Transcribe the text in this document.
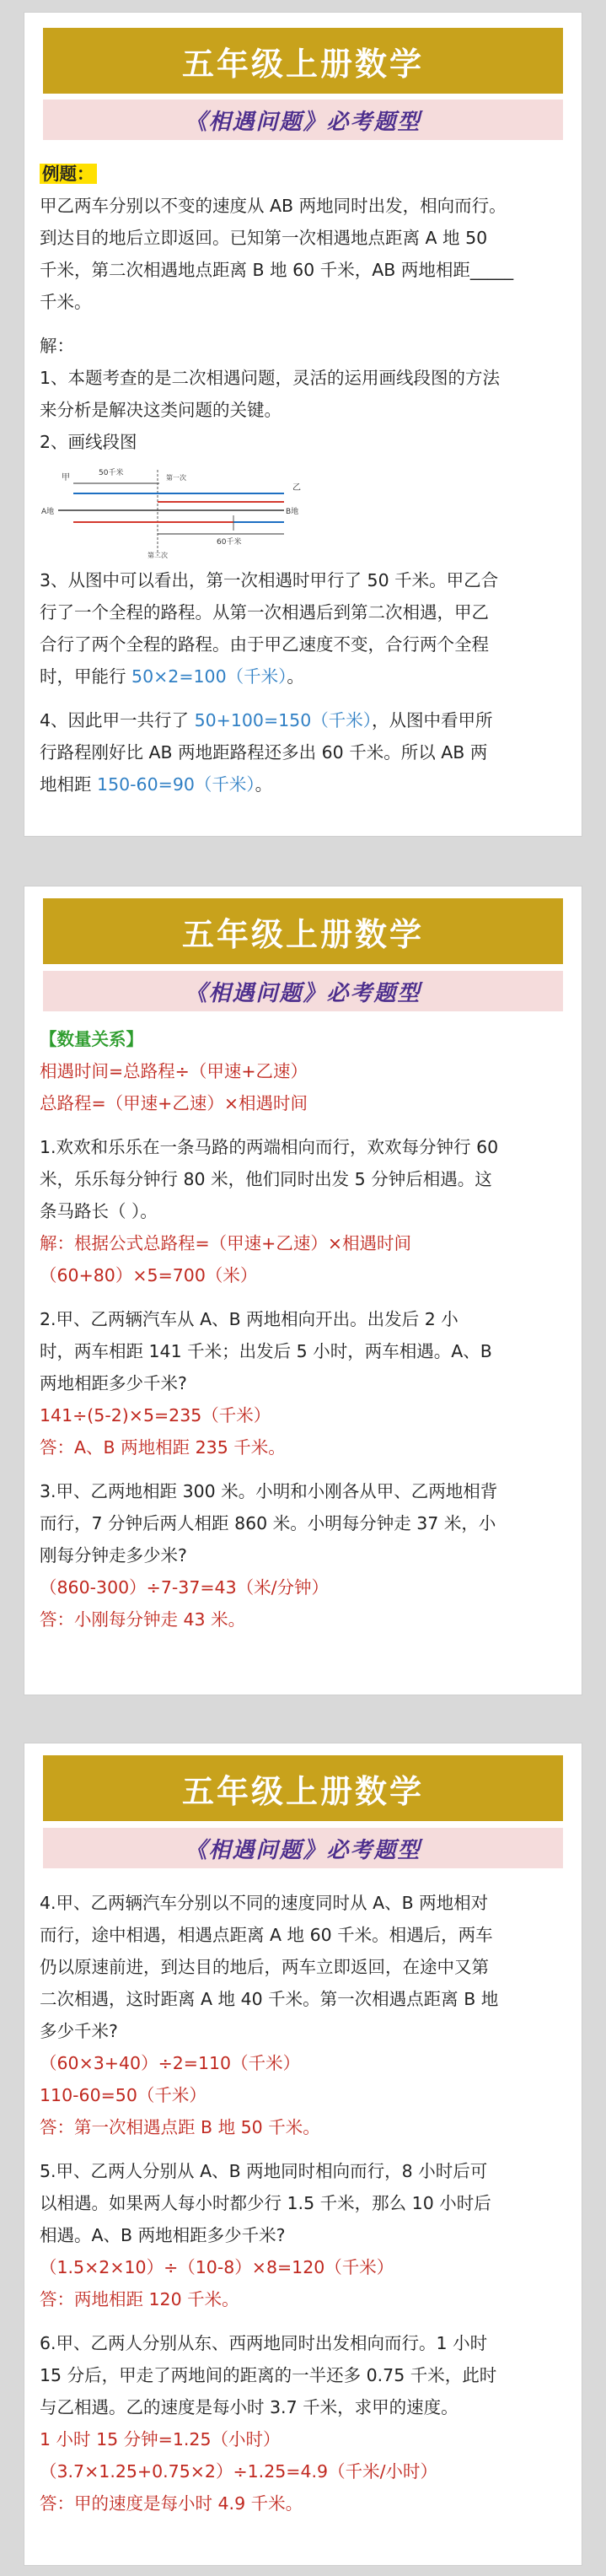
五年级上册数学
《相遇问题》必考题型

例题：

甲乙两车分别以不变的速度从 AB 两地同时出发，相向而行。

到达目的地后立即返回。已知第一次相遇地点距离 A 地 50

千米，第二次相遇地点距离 B 地 60 千米，AB 两地相距_____

千米。

解：

1、本题考查的是二次相遇问题，灵活的运用画线段图的方法

来分析是解决这类问题的关键。

2、画线段图

甲
乙
50千米
第一次
A地	B地
60千米
第二次

3、从图中可以看出，第一次相遇时甲行了 50 千米。甲乙合

行了一个全程的路程。从第一次相遇后到第二次相遇，甲乙

合行了两个全程的路程。由于甲乙速度不变，合行两个全程

时，甲能行 50×2=100（千米）。

4、因此甲一共行了 50+100=150（千米），从图中看甲所

行路程刚好比 AB 两地距路程还多出 60 千米。所以 AB 两

地相距 150-60=90（千米）。

五年级上册数学
《相遇问题》必考题型

【数量关系】

相遇时间=总路程÷（甲速+乙速）

总路程=（甲速+乙速）×相遇时间

1.欢欢和乐乐在一条马路的两端相向而行，欢欢每分钟行 60

米，乐乐每分钟行 80 米，他们同时出发 5 分钟后相遇。这

条马路长（ ）。

解：根据公式总路程=（甲速+乙速）×相遇时间

（60+80）×5=700（米）

2.甲、乙两辆汽车从 A、B 两地相向开出。出发后 2 小

时，两车相距 141 千米；出发后 5 小时，两车相遇。A、B

两地相距多少千米?

141÷(5-2)×5=235（千米）

答：A、B 两地相距 235 千米。

3.甲、乙两地相距 300 米。小明和小刚各从甲、乙两地相背

而行，7 分钟后两人相距 860 米。小明每分钟走 37 米，小

刚每分钟走多少米?

（860-300）÷7-37=43（米/分钟）

答：小刚每分钟走 43 米。

五年级上册数学
《相遇问题》必考题型

4.甲、乙两辆汽车分别以不同的速度同时从 A、B 两地相对

而行，途中相遇，相遇点距离 A 地 60 千米。相遇后，两车

仍以原速前进，到达目的地后，两车立即返回，在途中又第

二次相遇，这时距离 A 地 40 千米。第一次相遇点距离 B 地

多少千米?

（60×3+40）÷2=110（千米）

110-60=50（千米）

答：第一次相遇点距 B 地 50 千米。

5.甲、乙两人分别从 A、B 两地同时相向而行，8 小时后可

以相遇。如果两人每小时都少行 1.5 千米，那么 10 小时后

相遇。A、B 两地相距多少千米?

（1.5×2×10）÷（10-8）×8=120（千米）

答：两地相距 120 千米。

6.甲、乙两人分别从东、西两地同时出发相向而行。1 小时

15 分后，甲走了两地间的距离的一半还多 0.75 千米，此时

与乙相遇。乙的速度是每小时 3.7 千米，求甲的速度。

1 小时 15 分钟=1.25（小时）

（3.7×1.25+0.75×2）÷1.25=4.9（千米/小时）

答：甲的速度是每小时 4.9 千米。
